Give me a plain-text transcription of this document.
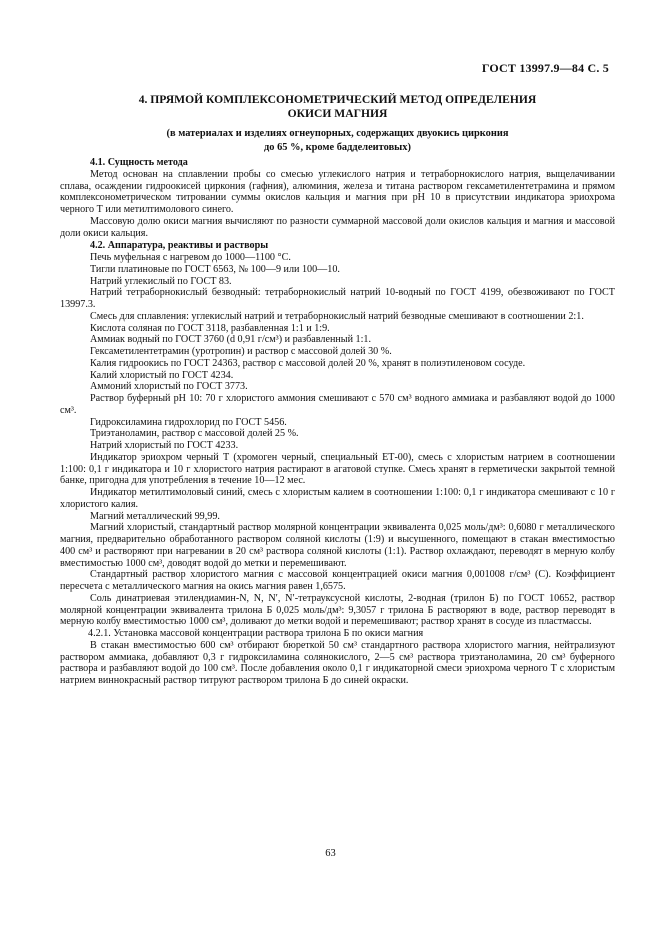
ГОСТ 13997.9—84 С. 5
4. ПРЯМОЙ КОМПЛЕКСОНОМЕТРИЧЕСКИЙ МЕТОД ОПРЕДЕЛЕНИЯ
ОКИСИ МАГНИЯ
(в материалах и изделиях огнеупорных, содержащих двуокись циркония
до 65 %, кроме бадделеитовых)

4.1. Сущность метода

Метод основан на сплавлении пробы со смесью углекислого натрия и тетраборнокислого натрия, выщелачивании сплава, осаждении гидроокисей циркония (гафния), алюминия, железа и титана раствором гексаметилентетрамина и прямом комплексонометрическом титровании суммы окислов кальция и магния при рН 10 в присутствии индикатора эриохрома черного Т или метилтимолового синего.

Массовую долю окиси магния вычисляют по разности суммарной массовой доли окислов кальция и магния и массовой доли окиси кальция.

4.2. Аппаратура, реактивы и растворы

Печь муфельная с нагревом до 1000—1100 °С.

Тигли платиновые по ГОСТ 6563, № 100—9 или 100—10.

Натрий углекислый по ГОСТ 83.

Натрий тетраборнокислый безводный: тетраборнокислый натрий 10-водный по ГОСТ 4199, обезвоживают по ГОСТ 13997.3.

Смесь для сплавления: углекислый натрий и тетраборнокислый натрий безводные смешивают в соотношении 2:1.

Кислота соляная по ГОСТ 3118, разбавленная 1:1 и 1:9.

Аммиак водный по ГОСТ 3760 (d 0,91 г/см³) и разбавленный 1:1.

Гексаметилентетрамин (уротропин) и раствор с массовой долей 30 %.

Калия гидроокись по ГОСТ 24363, раствор с массовой долей 20 %, хранят в полиэтиленовом сосуде.

Калий хлористый по ГОСТ 4234.

Аммоний хлористый по ГОСТ 3773.

Раствор буферный рН 10: 70 г хлористого аммония смешивают с 570 см³ водного аммиака и разбавляют водой до 1000 см³.

Гидроксиламина гидрохлорид по ГОСТ 5456.

Триэтаноламин, раствор с массовой долей 25 %.

Натрий хлористый по ГОСТ 4233.

Индикатор эриохром черный Т (хромоген черный, специальный ЕТ-00), смесь с хлористым натрием в соотношении 1:100: 0,1 г индикатора и 10 г хлористого натрия растирают в агатовой ступке. Смесь хранят в герметически закрытой темной банке, пригодна для употребления в течение 10—12 мес.

Индикатор метилтимоловый синий, смесь с хлористым калием в соотношении 1:100: 0,1 г индикатора смешивают с 10 г хлористого калия.

Магний металлический 99,99.

Магний хлористый, стандартный раствор молярной концентрации эквивалента 0,025 моль/дм³: 0,6080 г металлического магния, предварительно обработанного раствором соляной кислоты (1:9) и высушенного, помещают в стакан вместимостью 400 см³ и растворяют при нагревании в 20 см³ раствора соляной кислоты (1:1). Раствор охлаждают, переводят в мерную колбу вместимостью 1000 см³, доводят водой до метки и перемешивают.

Стандартный раствор хлористого магния с массовой концентрацией окиси магния 0,001008 г/см³ (С). Коэффициент пересчета с металлического магния на окись магния равен 1,6575.

Соль динатриевая этилендиамин-N, N, N′, N′-тетрауксусной кислоты, 2-водная (трилон Б) по ГОСТ 10652, раствор молярной концентрации эквивалента трилона Б 0,025 моль/дм³: 9,3057 г трилона Б растворяют в воде, раствор переводят в мерную колбу вместимостью 1000 см³, доливают до метки водой и перемешивают; раствор хранят в сосуде из пластмассы.

4.2.1. Установка массовой концентрации раствора трилона Б по окиси магния

В стакан вместимостью 600 см³ отбирают бюреткой 50 см³ стандартного раствора хлористого магния, нейтрализуют раствором аммиака, добавляют 0,3 г гидроксиламина солянокислого, 2—5 см³ раствора триэтаноламина, 20 см³ буферного раствора и разбавляют водой до 100 см³. После добавления около 0,1 г индикаторной смеси эриохрома черного Т с хлористым натрием виннокрасный раствор титруют раствором трилона Б до синей окраски.

63
